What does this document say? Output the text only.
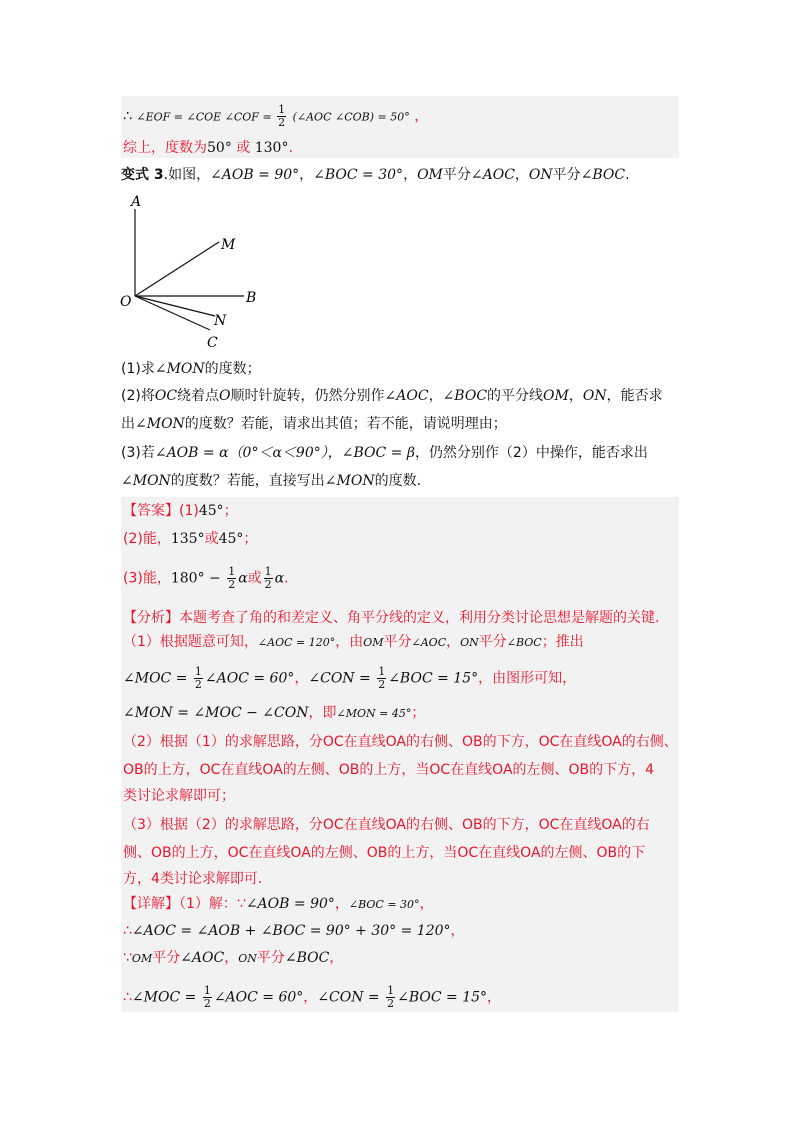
∴ ∠EOF = ∠COE ∠COF = $\frac{1}{2}$ (∠AOC ∠COB) = 50° ，
综上，度数为50° 或 130°.
变式 3.如图，∠AOB = 90°，∠BOC = 30°，OM平分∠AOC，ON平分∠BOC.
A
M
O	B
N
C
(1)求∠MON的度数；
(2)将OC绕着点O顺时针旋转，仍然分别作∠AOC，∠BOC的平分线OM，ON，能否求
出∠MON的度数？若能，请求出其值；若不能，请说明理由；
(3)若∠AOB = α（0°＜α＜90°），∠BOC = β，仍然分别作（2）中操作，能否求出
∠MON的度数？若能，直接写出∠MON的度数.
【答案】(1)45°；
(2)能，135°或45°；
(3)能，$180^\circ - \frac{1}{2}$ α或 $\frac{1}{2} \alpha$.
【分析】本题考查了角的和差定义、角平分线的定义，利用分类讨论思想是解题的关键.
（1）根据题意可知，∠AOC = 120°，由OM平分∠AOC，ON平分∠BOC；推出
∠MOC = $\frac{1}{2}$ ∠AOC = 60°，∠CON = $\frac{1}{2}$ ∠BOC = 15°，由图形可知，
∠MON = ∠MOC − ∠CON，即∠MON = 45°；
（2）根据（1）的求解思路，分OC在直线OA的右侧、OB的下方，OC在直线OA的右侧、
OB的上方，OC在直线OA的左侧、OB的上方，当OC在直线OA的左侧、OB的下方，4
类讨论求解即可；
（3）根据（2）的求解思路，分OC在直线OA的右侧、OB的下方，OC在直线OA的右
侧、OB的上方，OC在直线OA的左侧、OB的上方，当OC在直线OA的左侧、OB的下
方，4类讨论求解即可.
【详解】（1）解：∵∠AOB = 90°，∠BOC = 30°，
∴∠AOC = ∠AOB + ∠BOC = 90° + 30° = 120°，
∵OM平分∠AOC，ON平分∠BOC，
∴∠MOC = $\frac{1}{2}$ ∠AOC = 60°，∠CON = $\frac{1}{2}$ ∠BOC = 15°，
